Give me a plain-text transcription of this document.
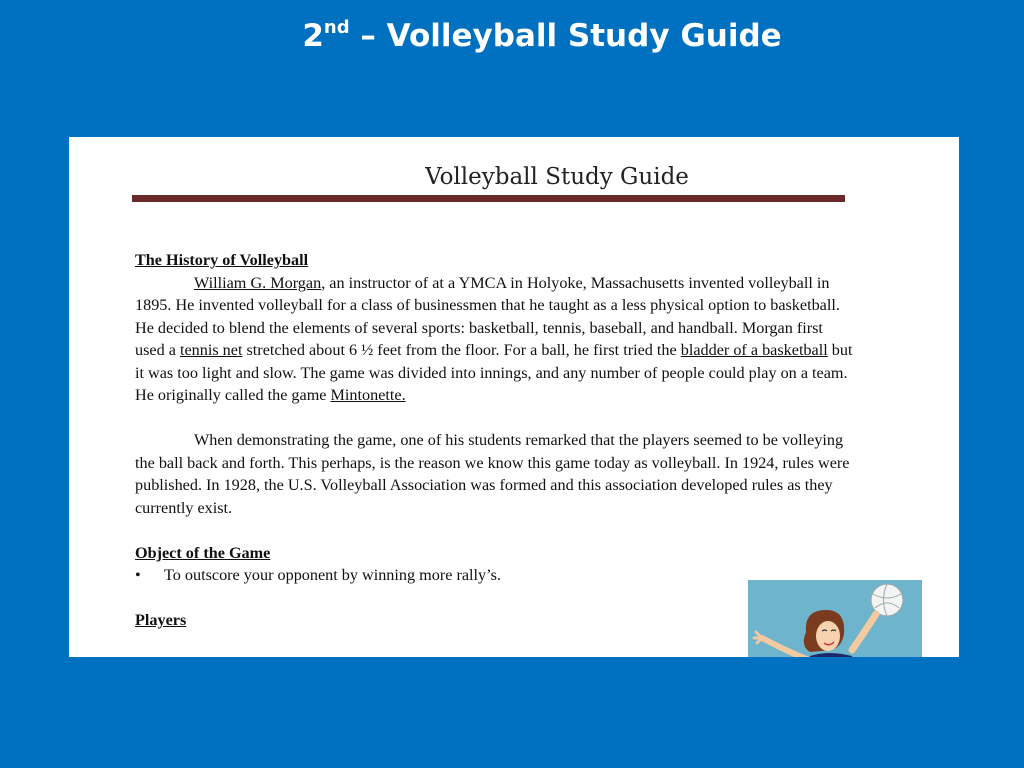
2nd – Volleyball Study Guide
Volleyball Study Guide

The History of Volleyball

William G. Morgan, an instructor of at a YMCA in Holyoke, Massachusetts invented volleyball in 1895. He invented volleyball for a class of businessmen that he taught as a less physical option to basketball. He decided to blend the elements of several sports: basketball, tennis, baseball, and handball. Morgan first used a tennis net stretched about 6 ½ feet from the floor. For a ball, he first tried the bladder of a basketball but it was too light and slow. The game was divided into innings, and any number of people could play on a team. He originally called the game Mintonette.

When demonstrating the game, one of his students remarked that the players seemed to be volleying the ball back and forth. This perhaps, is the reason we know this game today as volleyball. In 1924, rules were published. In 1928, the U.S. Volleyball Association was formed and this association developed rules as they currently exist.

Object of the Game

•	To outscore your opponent by winning more rally’s.

Players
